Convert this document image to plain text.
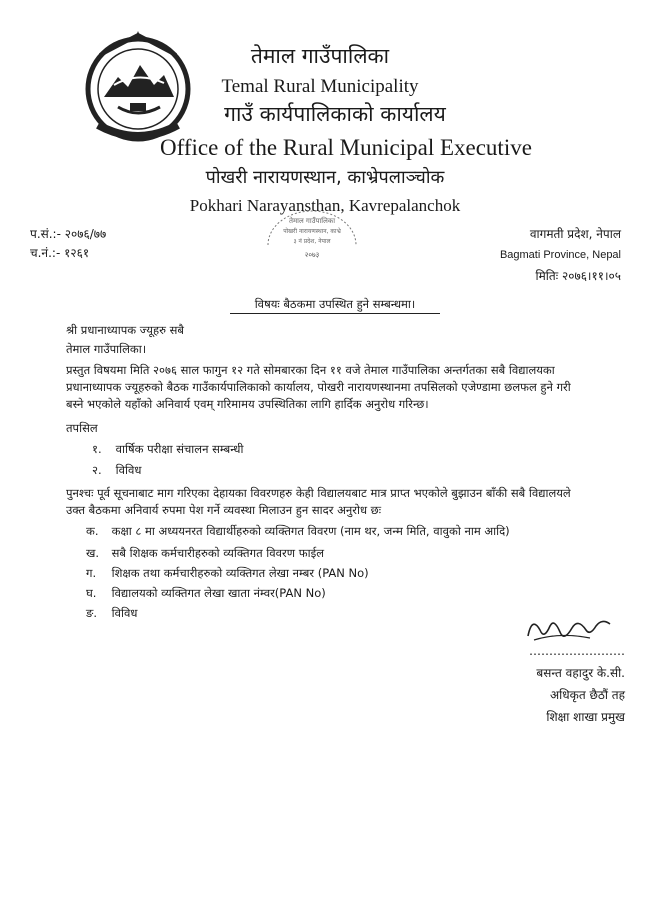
तेमाल गाउँपालिका
Temal Rural Municipality
गाउँ कार्यपालिकाको कार्यालय
Office of the Rural Municipal Executive
पोखरी नारायणस्थान, काभ्रेपलाञ्चोक
Pokhari Narayansthan, Kavrepalanchok
तेमाल गाउँपालिका
पोखरी नारायणस्थान, काभ्रे
३ नं प्रदेश, नेपाल
२०७३
प.सं.:- २०७६/७७
च.नं.:- १२६१
वागमती प्रदेश, नेपाल
Bagmati Province, Nepal
मितिः २०७६।११।०५
विषयः बैठकमा उपस्थित हुने सम्बन्धमा।
श्री प्रधानाध्यापक ज्यूहरु सबै
तेमाल गाउँपालिका।
प्रस्तुत विषयमा मिति २०७६ साल फागुन १२ गते सोमबारका दिन ११ वजे तेमाल गाउँपालिका अन्तर्गतका सबै विद्यालयका
प्रधानाध्यापक ज्यूहरुको बैठक गाउँकार्यपालिकाको कार्यालय, पोखरी नारायणस्थानमा तपसिलको एजेण्डामा छलफल हुने गरी
बस्ने भएकोले यहाँको अनिवार्य एवम् गरिमामय उपस्थितिका लागि हार्दिक अनुरोध गरिन्छ।
तपसिल
१. वार्षिक परीक्षा संचालन सम्बन्धी
२. विविध
पुनश्चः पूर्व सूचनाबाट माग गरिएका देहायका विवरणहरु केही विद्यालयबाट मात्र प्राप्त भएकोले बुझाउन बाँकी सबै विद्यालयले
उक्त बैठकमा अनिवार्य रुपमा पेश गर्ने व्यवस्था मिलाउन हुन सादर अनुरोध छः
क. कक्षा ८ मा अध्ययनरत विद्यार्थीहरुको व्यक्तिगत विवरण (नाम थर, जन्म मिति, वावुको नाम आदि)
ख. सबै शिक्षक कर्मचारीहरुको व्यक्तिगत विवरण फाईल
ग. शिक्षक तथा कर्मचारीहरुको व्यक्तिगत लेखा नम्बर (PAN No)
घ. विद्यालयको व्यक्तिगत लेखा खाता नंम्वर(PAN No)
ङ. विविध
……………………
बसन्त वहादुर के.सी.
अधिकृत छैठौं तह
शिक्षा शाखा प्रमुख
